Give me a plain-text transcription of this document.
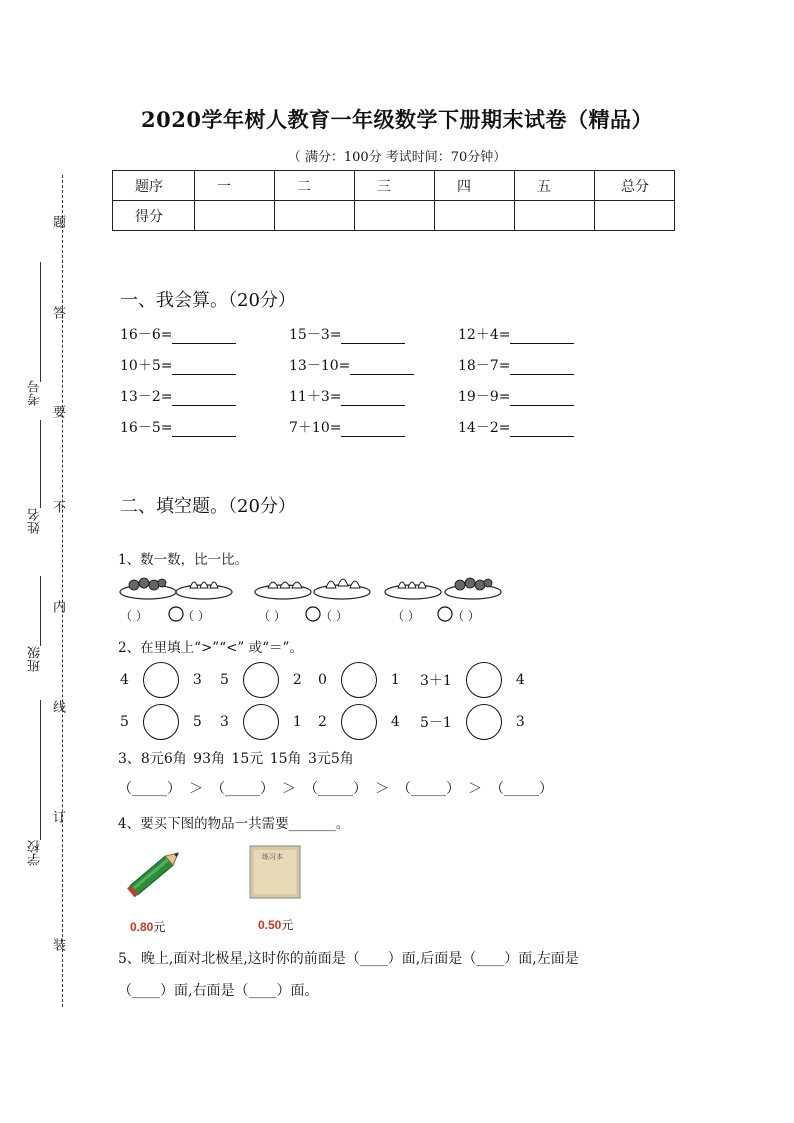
题
答
要
不
内
线
订
装
考号
姓名
班级
学校
2020学年树人教育一年级数学下册期末试卷（精品）
（ 满分：100分 考试时间：70分钟）
题序	一	二	三	四	五	总分
得分						
一、我会算。（20分）
16－6=	15－3=	12＋4=
10＋5=	13－10=	18－7=
13－2=	11＋3=	19－9=
16－5=	7＋10=	14－2=
二、填空题。（20分）
1、数一数，比一比。
（ ）	（ ）	（ ）	（ ）	（ ）	（ ）
2、在里填上“>”“<” 或“＝”。
4	3 5	2 0	1 3＋1	4
5	5 3	1 2	4 5－1	3
3、8元6角 93角 15元 15角 3元5角
（_____） ＞ （_____） ＞ （_____） ＞ （_____） ＞ （_____）
4、要买下图的物品一共需要_______。
0.80元
练习本
0.50元
5、晚上,面对北极星,这时你的前面是（____）面,后面是（____）面,左面是
（____）面,右面是（____）面。
